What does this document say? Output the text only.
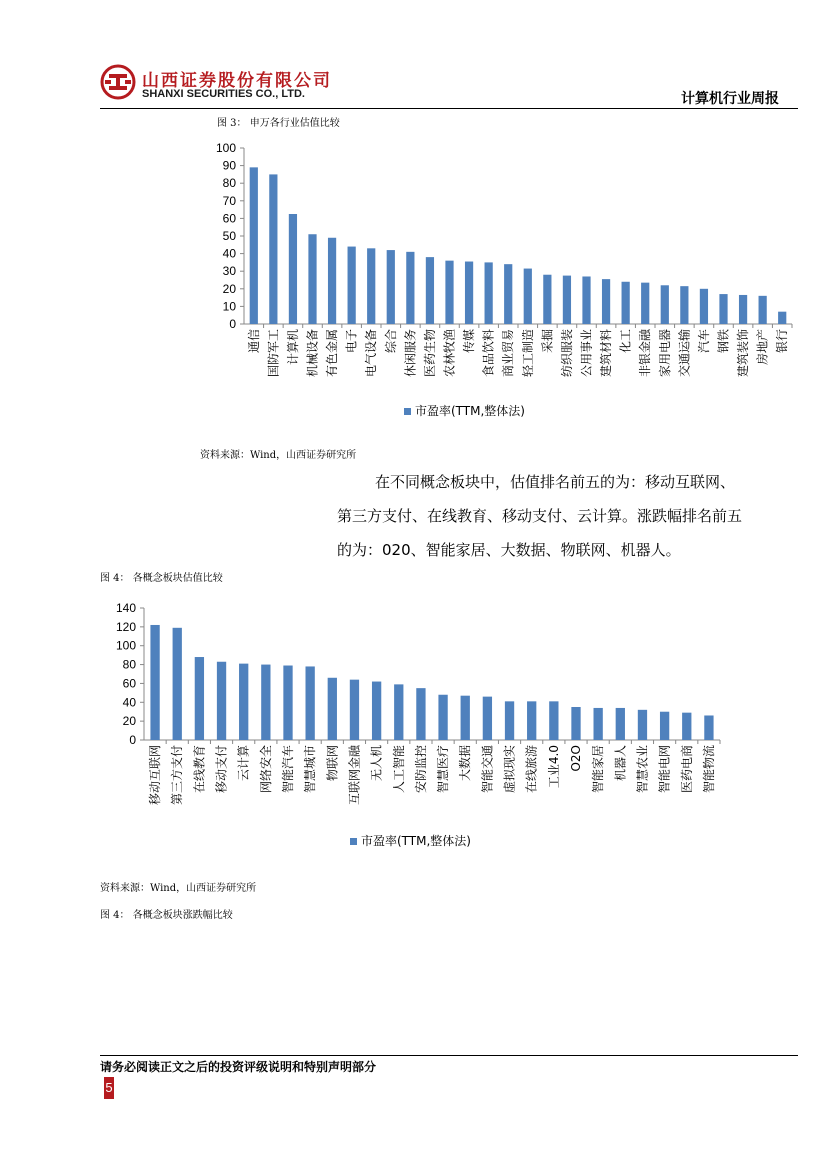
山西证券股份有限公司
SHANXI SECURITIES CO., LTD.	计算机行业周报
图 3： 申万各行业估值比较
0
10
20
30
40
50
60
70
80
90
100
通信 国防军工 计算机 机械设备 有色金属 电子 电气设备 综合 休闲服务 医药生物 农林牧渔 传媒 食品饮料 商业贸易 轻工制造 采掘 纺织服装 公用事业 建筑材料 化工 非银金融 家用电器 交通运输 汽车 钢铁 建筑装饰 房地产 银行
市盈率(TTM,整体法)
资料来源：Wind，山西证券研究所
在不同概念板块中，估值排名前五的为：移动互联网、
第三方支付、在线教育、移动支付、云计算。涨跌幅排名前五
的为：020、智能家居、大数据、物联网、机器人。
图 4： 各概念板块估值比较
0
20
40
60
80
100
120
140
移动互联网 第三方支付 在线教育 移动支付 云计算 网络安全 智能汽车 智慧城市 物联网 互联网金融 无人机 人工智能 安防监控 智慧医疗 大数据 智能交通 虚拟现实 在线旅游 工业4.0 O2O 智能家居 机器人 智慧农业 智能电网 医药电商 智能物流
市盈率(TTM,整体法)
资料来源：Wind，山西证券研究所
图 4： 各概念板块涨跌幅比较
请务必阅读正文之后的投资评级说明和特别声明部分
5
